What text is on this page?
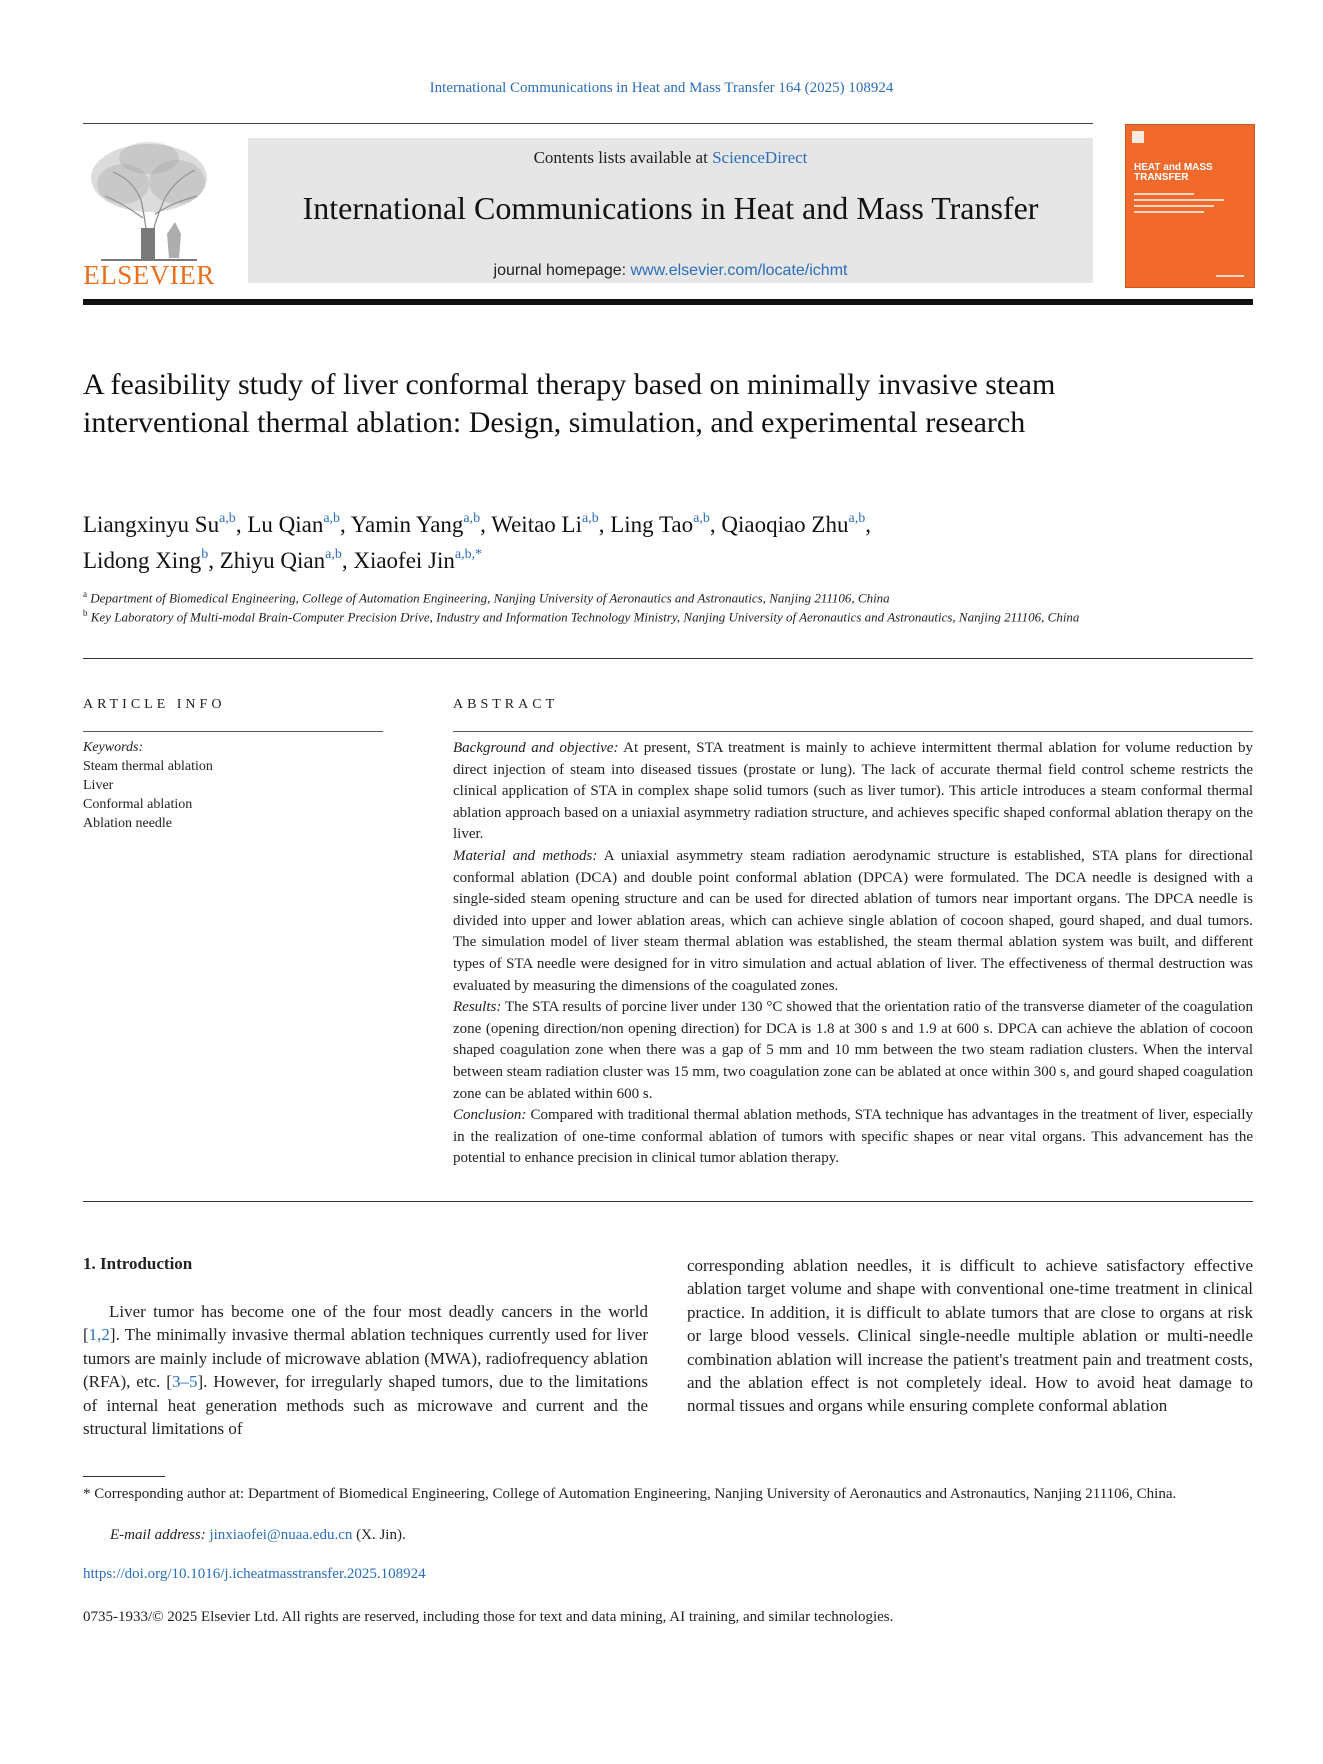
International Communications in Heat and Mass Transfer 164 (2025) 108924
ELSEVIER
Contents lists available at ScienceDirect
International Communications in Heat and Mass Transfer
journal homepage: www.elsevier.com/locate/ichmt
HEAT and MASS TRANSFER
A feasibility study of liver conformal therapy based on minimally invasive steam interventional thermal ablation: Design, simulation, and experimental research

Liangxinyu Su$^{a,b}$, Lu Qian$^{a,b}$, Yamin Yang$^{a,b}$, Weitao Li$^{a,b}$, Ling Tao$^{a,b}$, Qiaoqiao Zhu$^{a,b}$,
Lidong Xing$^b$, Zhiyu Qian$^{a,b}$, Xiaofei Jin$^{a,b,*}$

$^a$ Department of Biomedical Engineering, College of Automation Engineering, Nanjing University of Aeronautics and Astronautics, Nanjing 211106, China

$^b$ Key Laboratory of Multi-modal Brain-Computer Precision Drive, Industry and Information Technology Ministry, Nanjing University of Aeronautics and Astronautics, Nanjing 211106, China

ARTICLE INFO
Keywords:
Steam thermal ablation
Liver
Conformal ablation
Ablation needle
ABSTRACT

Background and objective: At present, STA treatment is mainly to achieve intermittent thermal ablation for volume reduction by direct injection of steam into diseased tissues (prostate or lung). The lack of accurate thermal field control scheme restricts the clinical application of STA in complex shape solid tumors (such as liver tumor). This article introduces a steam conformal thermal ablation approach based on a uniaxial asymmetry radiation structure, and achieves specific shaped conformal ablation therapy on the liver.

Material and methods: A uniaxial asymmetry steam radiation aerodynamic structure is established, STA plans for directional conformal ablation (DCA) and double point conformal ablation (DPCA) were formulated. The DCA needle is designed with a single-sided steam opening structure and can be used for directed ablation of tumors near important organs. The DPCA needle is divided into upper and lower ablation areas, which can achieve single ablation of cocoon shaped, gourd shaped, and dual tumors. The simulation model of liver steam thermal ablation was established, the steam thermal ablation system was built, and different types of STA needle were designed for in vitro simulation and actual ablation of liver. The effectiveness of thermal destruction was evaluated by measuring the dimensions of the coagulated zones.

Results: The STA results of porcine liver under 130 °C showed that the orientation ratio of the transverse diameter of the coagulation zone (opening direction/non opening direction) for DCA is 1.8 at 300 s and 1.9 at 600 s. DPCA can achieve the ablation of cocoon shaped coagulation zone when there was a gap of 5 mm and 10 mm between the two steam radiation clusters. When the interval between steam radiation cluster was 15 mm, two coagulation zone can be ablated at once within 300 s, and gourd shaped coagulation zone can be ablated within 600 s.

Conclusion: Compared with traditional thermal ablation methods, STA technique has advantages in the treatment of liver, especially in the realization of one-time conformal ablation of tumors with specific shapes or near vital organs. This advancement has the potential to enhance precision in clinical tumor ablation therapy.

1. Introduction

Liver tumor has become one of the four most deadly cancers in the world [1,2]. The minimally invasive thermal ablation techniques currently used for liver tumors are mainly include of microwave ablation (MWA), radiofrequency ablation (RFA), etc. [3–5]. However, for irregularly shaped tumors, due to the limitations of internal heat generation methods such as microwave and current and the structural limitations of

corresponding ablation needles, it is difficult to achieve satisfactory effective ablation target volume and shape with conventional one-time treatment in clinical practice. In addition, it is difficult to ablate tumors that are close to organs at risk or large blood vessels. Clinical single-needle multiple ablation or multi-needle combination ablation will increase the patient's treatment pain and treatment costs, and the ablation effect is not completely ideal. How to avoid heat damage to normal tissues and organs while ensuring complete conformal ablation

* Corresponding author at: Department of Biomedical Engineering, College of Automation Engineering, Nanjing University of Aeronautics and Astronautics, Nanjing 211106, China.

E-mail address: jinxiaofei@nuaa.edu.cn (X. Jin).
https://doi.org/10.1016/j.icheatmasstransfer.2025.108924
0735-1933/© 2025 Elsevier Ltd. All rights are reserved, including those for text and data mining, AI training, and similar technologies.
